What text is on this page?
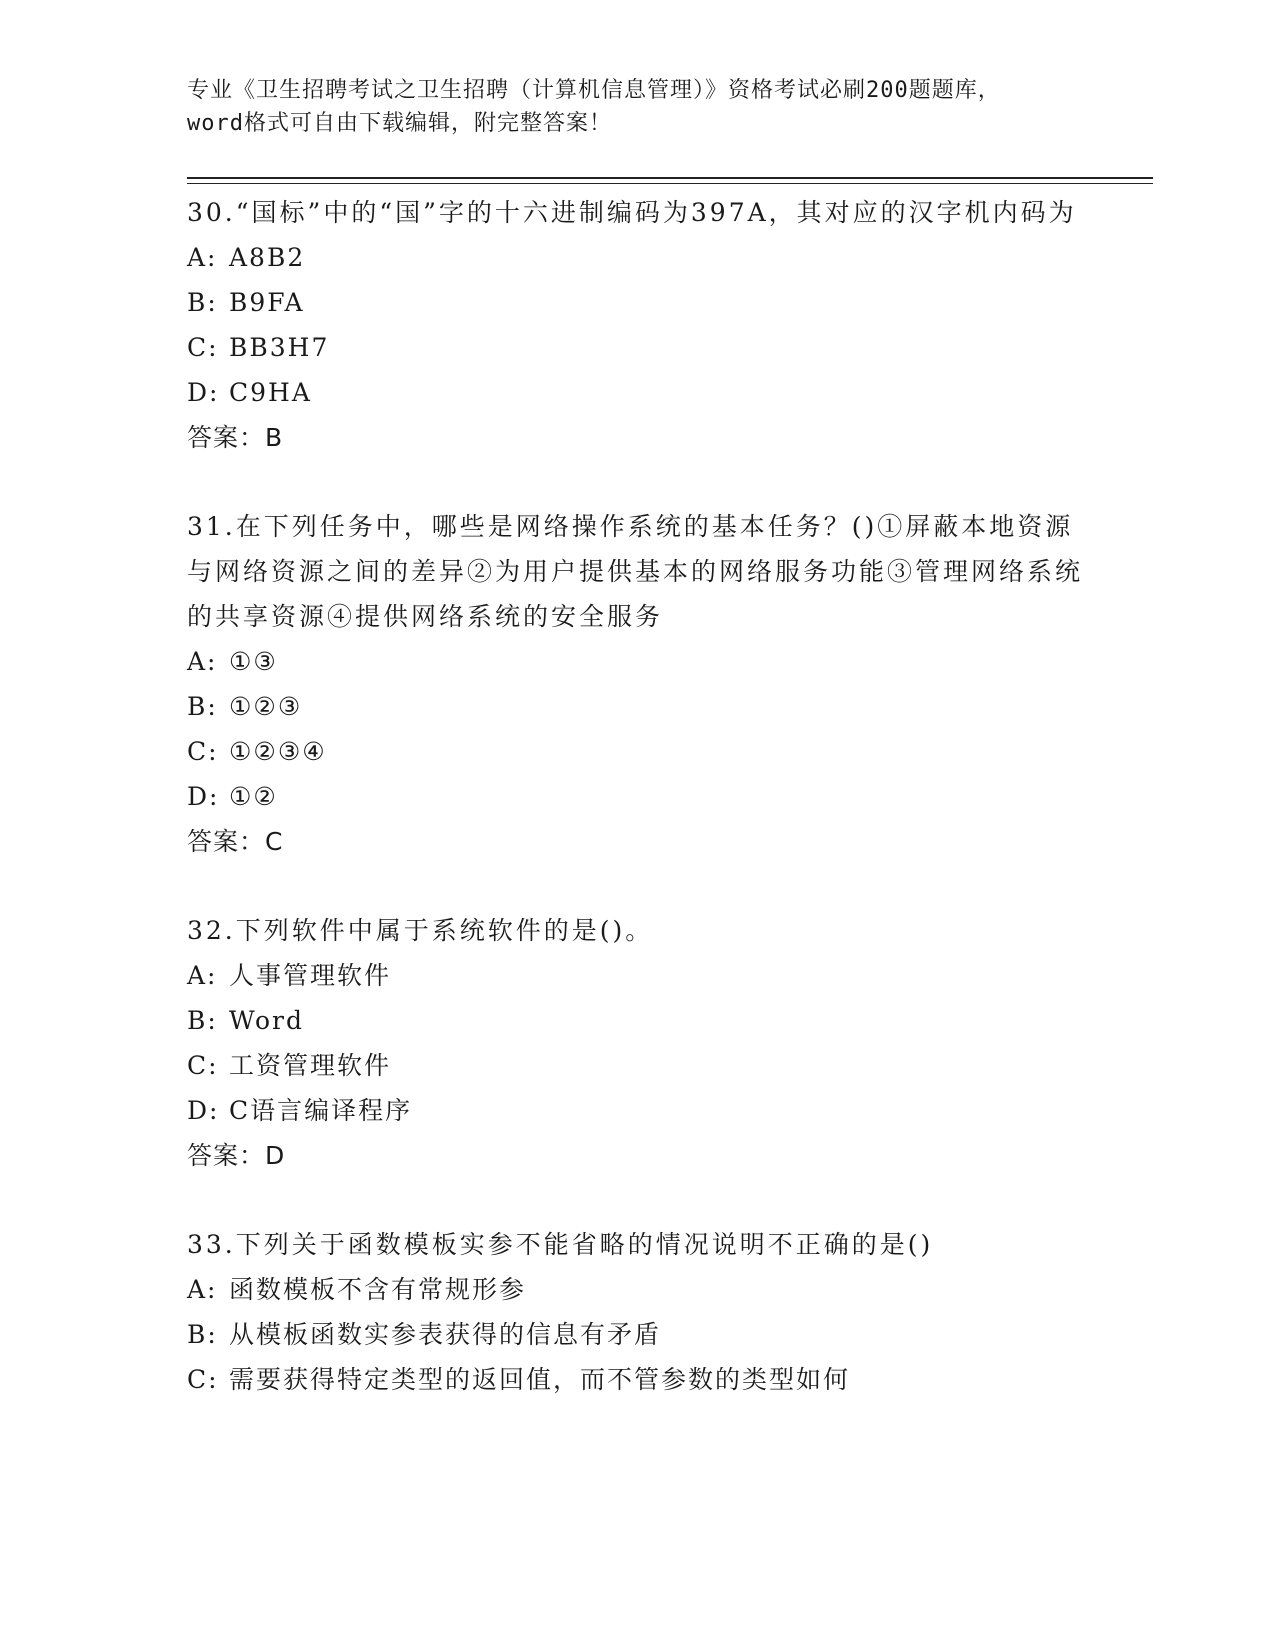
专业《卫生招聘考试之卫生招聘（计算机信息管理）》资格考试必刷200题题库，
word格式可自由下载编辑，附完整答案！

30.“国标”中的“国”字的十六进制编码为397A，其对应的汉字机内码为

A: A8B2

B: B9FA

C: BB3H7

D: C9HA

答案：B

31.在下列任务中，哪些是网络操作系统的基本任务？()①屏蔽本地资源与网络资源之间的差异②为用户提供基本的网络服务功能③管理网络系统的共享资源④提供网络系统的安全服务

A: ①③

B: ①②③

C: ①②③④

D: ①②

答案：C

32.下列软件中属于系统软件的是()。

A: 人事管理软件

B: Word

C: 工资管理软件

D: C语言编译程序

答案：D

33.下列关于函数模板实参不能省略的情况说明不正确的是()

A: 函数模板不含有常规形参

B: 从模板函数实参表获得的信息有矛盾

C: 需要获得特定类型的返回值，而不管参数的类型如何
